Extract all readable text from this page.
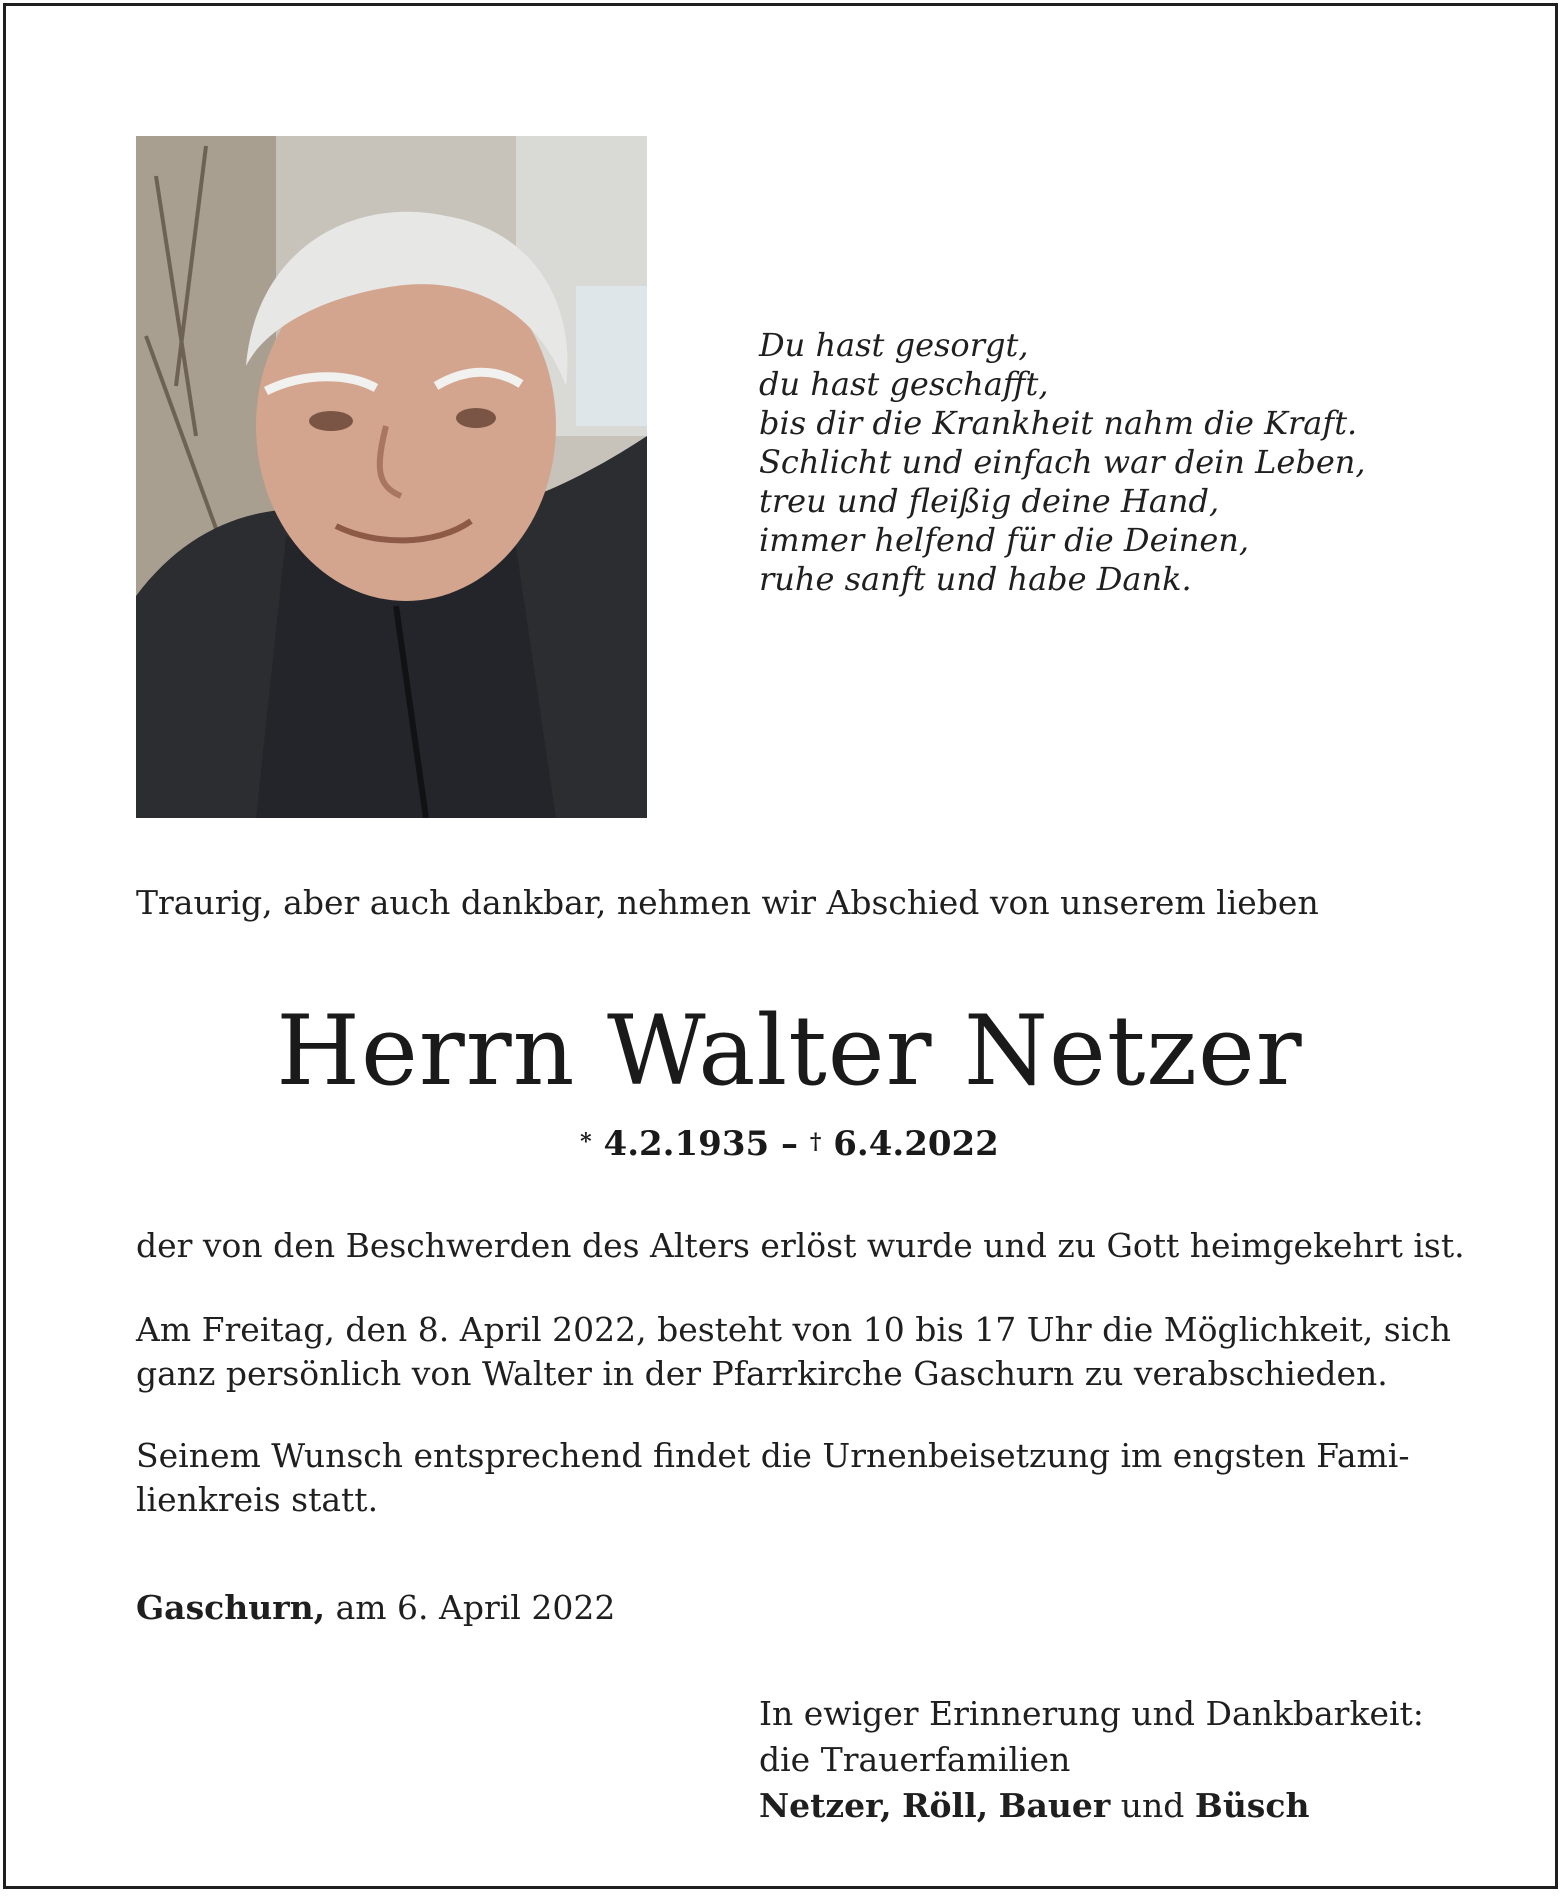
Du hast gesorgt,
du hast geschafft,
bis dir die Krankheit nahm die Kraft.
Schlicht und einfach war dein Leben,
treu und fleißig deine Hand,
immer helfend für die Deinen,
ruhe sanft und habe Dank.
Traurig, aber auch dankbar, nehmen wir Abschied von unserem lieben
Herrn Walter Netzer
* 4.2.1935 – † 6.4.2022
der von den Beschwerden des Alters erlöst wurde und zu Gott heimgekehrt ist.
Am Freitag, den 8. April 2022, besteht von 10 bis 17 Uhr die Möglichkeit, sich
ganz persönlich von Walter in der Pfarrkirche Gaschurn zu verabschieden.
Seinem Wunsch entsprechend findet die Urnenbeisetzung im engsten Fami-
lienkreis statt.
Gaschurn, am 6. April 2022
In ewiger Erinnerung und Dankbarkeit:
die Trauerfamilien
Netzer, Röll, Bauer und Büsch
